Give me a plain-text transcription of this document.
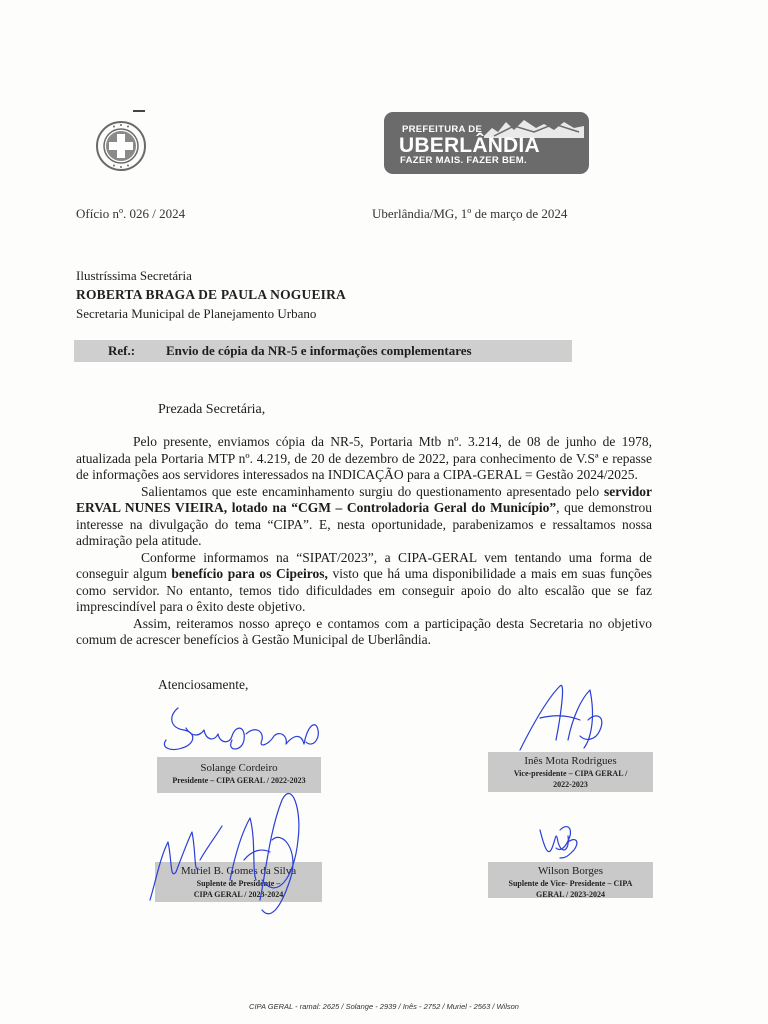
PREFEITURA DE
UBERLÂNDIA
FAZER MAIS. FAZER BEM.
Ofício nº. 026 / 2024	Uberlândia/MG, 1º de março de 2024
Ilustríssima Secretária
ROBERTA BRAGA DE PAULA NOGUEIRA
Secretaria Municipal de Planejamento Urbano
Ref.: Envio de cópia da NR-5 e informações complementares
Prezada Secretária,

Pelo presente, enviamos cópia da NR-5, Portaria Mtb nº. 3.214, de 08 de junho de 1978, atualizada pela Portaria MTP nº. 4.219, de 20 de dezembro de 2022, para conhecimento de V.Sª e repasse de informações aos servidores interessados na INDICAÇÃO para a CIPA-GERAL = Gestão 2024/2025.

Salientamos que este encaminhamento surgiu do questionamento apresentado pelo servidor ERVAL NUNES VIEIRA, lotado na “CGM – Controladoria Geral do Município”, que demonstrou interesse na divulgação do tema “CIPA”. E, nesta oportunidade, parabenizamos e ressaltamos nossa admiração pela atitude.

Conforme informamos na “SIPAT/2023”, a CIPA-GERAL vem tentando uma forma de conseguir algum benefício para os Cipeiros, visto que há uma disponibilidade a mais em suas funções como servidor. No entanto, temos tido dificuldades em conseguir apoio do alto escalão que se faz imprescindível para o êxito deste objetivo.

Assim, reiteramos nosso apreço e contamos com a participação desta Secretaria no objetivo comum de acrescer benefícios à Gestão Municipal de Uberlândia.

Atenciosamente,
Solange Cordeiro
Presidente – CIPA GERAL / 2022-2023
Inês Mota Rodrigues
Vice-presidente – CIPA GERAL /
2022-2023
Muriel B. Gomes da Silva
Suplente de Presidente –
CIPA GERAL / 2023-2024
Wilson Borges
Suplente de Vice- Presidente – CIPA
GERAL / 2023-2024
CIPA GERAL - ramal: 2625 / Solange - 2939 / Inês - 2752 / Muriel - 2563 / Wilson
